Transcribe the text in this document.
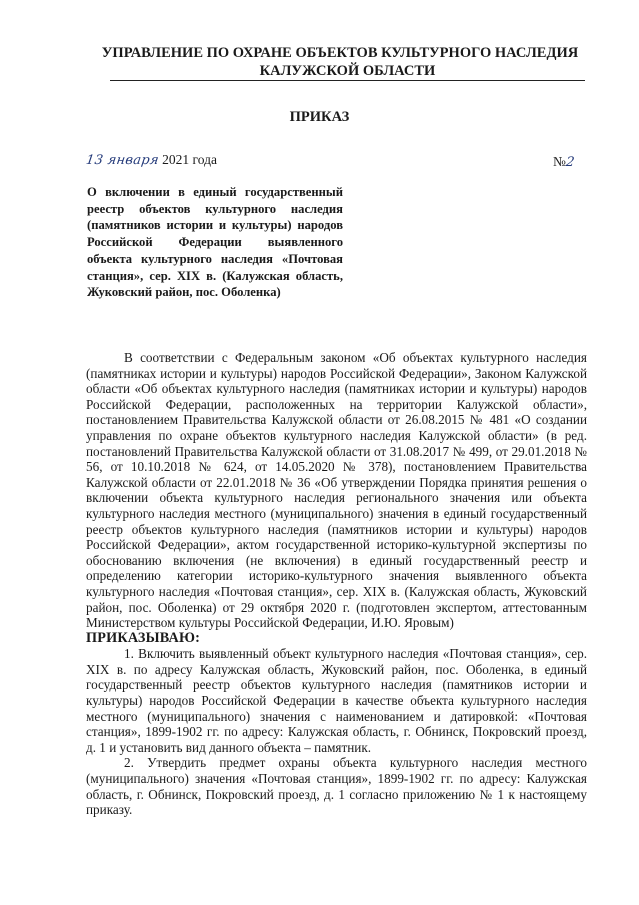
УПРАВЛЕНИЕ ПО ОХРАНЕ ОБЪЕКТОВ КУЛЬТУРНОГО НАСЛЕДИЯ
КАЛУЖСКОЙ ОБЛАСТИ
ПРИКАЗ
13 января 2021 года	№2
О включении в единый государственный реестр объектов культурного наследия (памятников истории и культуры) народов Российской Федерации выявленного объекта культурного наследия «Почтовая станция», сер. XIX в. (Калужская область, Жуковский район, пос. Оболенка)

В соответствии с Федеральным законом «Об объектах культурного наследия (памятниках истории и культуры) народов Российской Федерации», Законом Калужской области «Об объектах культурного наследия (памятниках истории и культуры) народов Российской Федерации, расположенных на территории Калужской области», постановлением Правительства Калужской области от 26.08.2015 № 481 «О создании управления по охране объектов культурного наследия Калужской области» (в ред. постановлений Правительства Калужской области от 31.08.2017 № 499, от 29.01.2018 № 56, от 10.10.2018 № 624, от 14.05.2020 № 378), постановлением Правительства Калужской области от 22.01.2018 № 36 «Об утверждении Порядка принятия решения о включении объекта культурного наследия регионального значения или объекта культурного наследия местного (муниципального) значения в единый государственный реестр объектов культурного наследия (памятников истории и культуры) народов Российской Федерации», актом государственной историко-культурной экспертизы по обоснованию включения (не включения) в единый государственный реестр и определению категории историко-культурного значения выявленного объекта культурного наследия «Почтовая станция», сер. XIX в. (Калужская область, Жуковский район, пос. Оболенка) от 29 октября 2020 г. (подготовлен экспертом, аттестованным Министерством культуры Российской Федерации, И.Ю. Яровым)

ПРИКАЗЫВАЮ:

1. Включить выявленный объект культурного наследия «Почтовая станция», сер. XIX в. по адресу Калужская область, Жуковский район, пос. Оболенка, в единый государственный реестр объектов культурного наследия (памятников истории и культуры) народов Российской Федерации в качестве объекта культурного наследия местного (муниципального) значения с наименованием и датировкой: «Почтовая станция», 1899-1902 гг. по адресу: Калужская область, г. Обнинск, Покровский проезд, д. 1 и установить вид данного объекта – памятник.

2. Утвердить предмет охраны объекта культурного наследия местного (муниципального) значения «Почтовая станция», 1899-1902 гг. по адресу: Калужская область, г. Обнинск, Покровский проезд, д. 1 согласно приложению № 1 к настоящему приказу.
